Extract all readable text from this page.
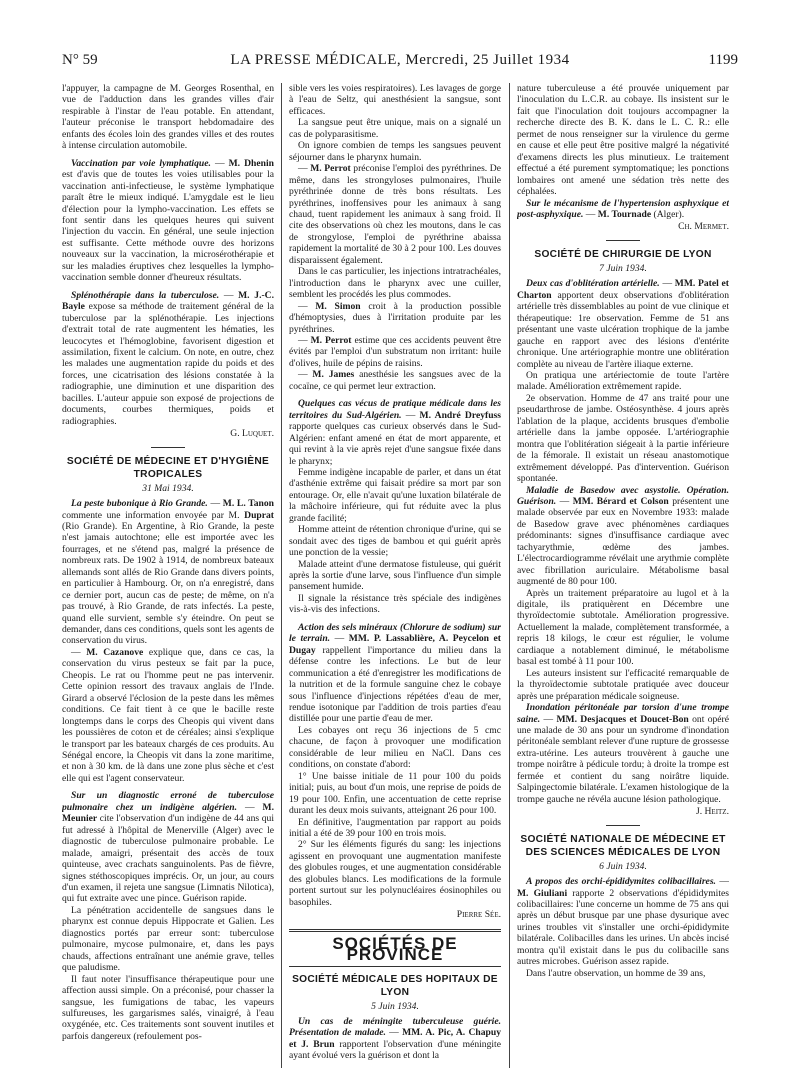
N° 59	LA PRESSE MÉDICALE, Mercredi, 25 Juillet 1934	1199

l'appuyer, la campagne de M. Georges Rosenthal, en vue de l'adduction dans les grandes villes d'air respirable à l'instar de l'eau potable. En attendant, l'auteur préconise le transport hebdomadaire des enfants des écoles loin des grandes villes et des routes à intense circulation automobile.

Vaccination par voie lymphatique. — M. Dhenin est d'avis que de toutes les voies utilisables pour la vaccination anti-infectieuse, le système lymphatique paraît être le mieux indiqué. L'amygdale est le lieu d'élection pour la lympho-vaccination. Les effets se font sentir dans les quelques heures qui suivent l'injection du vaccin. En général, une seule injection est suffisante. Cette méthode ouvre des horizons nouveaux sur la vaccination, la microsérothérapie et sur les maladies éruptives chez lesquelles la lympho-vaccination semble donner d'heureux résultats.

Splénothérapie dans la tuberculose. — M. J.-C. Bayle expose sa méthode de traitement général de la tuberculose par la splénothérapie. Les injections d'extrait total de rate augmentent les hématies, les leucocytes et l'hémoglobine, favorisent digestion et assimilation, fixent le calcium. On note, en outre, chez les malades une augmentation rapide du poids et des forces, une cicatrisation des lésions constatée à la radiographie, une diminution et une disparition des bacilles. L'auteur appuie son exposé de projections de documents, courbes thermiques, poids et radiographies.

G. Luquet.

SOCIÉTÉ DE MÉDECINE ET D'HYGIÈNE TROPICALES
31 Mai 1934.

La peste bubonique à Rio Grande. — M. L. Tanon commente une information envoyée par M. Duprat (Rio Grande). En Argentine, à Rio Grande, la peste n'est jamais autochtone; elle est importée avec les fourrages, et ne s'étend pas, malgré la présence de nombreux rats. De 1902 à 1914, de nombreux bateaux allemands sont allés de Rio Grande dans divers points, en particulier à Hambourg. Or, on n'a enregistré, dans ce dernier port, aucun cas de peste; de même, on n'a pas trouvé, à Rio Grande, de rats infectés. La peste, quand elle survient, semble s'y éteindre. On peut se demander, dans ces conditions, quels sont les agents de conservation du virus.

— M. Cazanove explique que, dans ce cas, la conservation du virus pesteux se fait par la puce, Cheopis. Le rat ou l'homme peut ne pas intervenir. Cette opinion ressort des travaux anglais de l'Inde. Girard a observé l'éclosion de la peste dans les mêmes conditions. Ce fait tient à ce que le bacille reste longtemps dans le corps des Cheopis qui vivent dans les poussières de coton et de céréales; ainsi s'explique le transport par les bateaux chargés de ces produits. Au Sénégal encore, la Cheopis vit dans la zone maritime, et non à 30 km. de là dans une zone plus sèche et c'est elle qui est l'agent conservateur.

Sur un diagnostic erroné de tuberculose pulmonaire chez un indigène algérien. — M. Meunier cite l'observation d'un indigène de 44 ans qui fut adressé à l'hôpital de Menerville (Alger) avec le diagnostic de tuberculose pulmonaire probable. Le malade, amaigri, présentait des accès de toux quinteuse, avec crachats sanguinolents. Pas de fièvre, signes stéthoscopiques imprécis. Or, un jour, au cours d'un examen, il rejeta une sangsue (Limnatis Nilotica), qui fut extraite avec une pince. Guérison rapide.

La pénétration accidentelle de sangsues dans le pharynx est connue depuis Hippocrate et Galien. Les diagnostics portés par erreur sont: tuberculose pulmonaire, mycose pulmonaire, et, dans les pays chauds, affections entraînant une anémie grave, telles que paludisme.

Il faut noter l'insuffisance thérapeutique pour une affection aussi simple. On a préconisé, pour chasser la sangsue, les fumigations de tabac, les vapeurs sulfureuses, les gargarismes salés, vinaigré, à l'eau oxygénée, etc. Ces traitements sont souvent inutiles et parfois dangereux (refoulement pos-

sible vers les voies respiratoires). Les lavages de gorge à l'eau de Seltz, qui anesthésient la sangsue, sont efficaces.

La sangsue peut être unique, mais on a signalé un cas de polyparasitisme.

On ignore combien de temps les sangsues peuvent séjourner dans le pharynx humain.

— M. Perrot préconise l'emploi des pyréthrines. De même, dans les strongyloses pulmonaires, l'huile pyréthrinée donne de très bons résultats. Les pyréthrines, inoffensives pour les animaux à sang chaud, tuent rapidement les animaux à sang froid. Il cite des observations où chez les moutons, dans le cas de strongylose, l'emploi de pyréthrine abaissa rapidement la mortalité de 30 à 2 pour 100. Les douves disparaissent également.

Dans le cas particulier, les injections intratrachéales, l'introduction dans le pharynx avec une cuiller, semblent les procédés les plus commodes.

— M. Simon croit à la production possible d'hémoptysies, dues à l'irritation produite par les pyréthrines.

— M. Perrot estime que ces accidents peuvent être évités par l'emploi d'un substratum non irritant: huile d'olives, huile de pépins de raisins.

— M. James anesthésie les sangsues avec de la cocaïne, ce qui permet leur extraction.

Quelques cas vécus de pratique médicale dans les territoires du Sud-Algérien. — M. André Dreyfuss rapporte quelques cas curieux observés dans le Sud-Algérien: enfant amené en état de mort apparente, et qui revint à la vie après rejet d'une sangsue fixée dans le pharynx;

Femme indigène incapable de parler, et dans un état d'asthénie extrême qui faisait prédire sa mort par son entourage. Or, elle n'avait qu'une luxation bilatérale de la mâchoire inférieure, qui fut réduite avec la plus grande facilité;

Homme atteint de rétention chronique d'urine, qui se sondait avec des tiges de bambou et qui guérit après une ponction de la vessie;

Malade atteint d'une dermatose fistuleuse, qui guérit après la sortie d'une larve, sous l'influence d'un simple pansement humide.

Il signale la résistance très spéciale des indigènes vis-à-vis des infections.

Action des sels minéraux (Chlorure de sodium) sur le terrain. — MM. P. Lassablière, A. Peycelon et Dugay rappellent l'importance du milieu dans la défense contre les infections. Le but de leur communication a été d'enregistrer les modifications de la nutrition et de la formule sanguine chez le cobaye sous l'influence d'injections répétées d'eau de mer, rendue isotonique par l'addition de trois parties d'eau distillée pour une partie d'eau de mer.

Les cobayes ont reçu 36 injections de 5 cmc chacune, de façon à provoquer une modification considérable de leur milieu en NaCl. Dans ces conditions, on constate d'abord:

1° Une baisse initiale de 11 pour 100 du poids initial; puis, au bout d'un mois, une reprise de poids de 19 pour 100. Enfin, une accentuation de cette reprise durant les deux mois suivants, atteignant 26 pour 100.

En définitive, l'augmentation par rapport au poids initial a été de 39 pour 100 en trois mois.

2° Sur les éléments figurés du sang: les injections agissent en provoquant une augmentation manifeste des globules rouges, et une augmentation considérable des globules blancs. Les modifications de la formule portent surtout sur les polynucléaires éosinophiles ou basophiles.

Pierre Sée.

SOCIÉTÉS DE PROVINCE
SOCIÉTÉ MÉDICALE DES HOPITAUX DE LYON
5 Juin 1934.

Un cas de méningite tuberculeuse guérie. Présentation de malade. — MM. A. Pic, A. Chapuy et J. Brun rapportent l'observation d'une méningite ayant évolué vers la guérison et dont la

nature tuberculeuse a été prouvée uniquement par l'inoculation du L.C.R. au cobaye. Ils insistent sur le fait que l'inoculation doit toujours accompagner la recherche directe des B. K. dans le L. C. R.: elle permet de nous renseigner sur la virulence du germe en cause et elle peut être positive malgré la négativité d'examens directs les plus minutieux. Le traitement effectué a été purement symptomatique; les ponctions lombaires ont amené une sédation très nette des céphalées.

Sur le mécanisme de l'hypertension asphyxique et post-asphyxique. — M. Tournade (Alger).

Ch. Mermet.

SOCIÉTÉ DE CHIRURGIE DE LYON
7 Juin 1934.

Deux cas d'oblitération artérielle. — MM. Patel et Charton apportent deux observations d'oblitération artérielle très dissemblables au point de vue clinique et thérapeutique: 1re observation. Femme de 51 ans présentant une vaste ulcération trophique de la jambe gauche en rapport avec des lésions d'entérite chronique. Une artériographie montre une oblitération complète au niveau de l'artère iliaque externe.

On pratiqua une artériectomie de toute l'artère malade. Amélioration extrêmement rapide.

2e observation. Homme de 47 ans traité pour une pseudarthrose de jambe. Ostéosynthèse. 4 jours après l'ablation de la plaque, accidents brusques d'embolie artérielle dans la jambe opposée. L'artériographie montra que l'oblitération siégeait à la partie inférieure de la fémorale. Il existait un réseau anastomotique extrêmement développé. Pas d'intervention. Guérison spontanée.

Maladie de Basedow avec asystolie. Opération. Guérison. — MM. Bérard et Colson présentent une malade observée par eux en Novembre 1933: malade de Basedow grave avec phénomènes cardiaques prédominants: signes d'insuffisance cardiaque avec tachyarythmie, œdème des jambes. L'électrocardiogramme révélait une arythmie complète avec fibrillation auriculaire. Métabolisme basal augmenté de 80 pour 100.

Après un traitement préparatoire au lugol et à la digitale, ils pratiquèrent en Décembre une thyroïdectomie subtotale. Amélioration progressive. Actuellement la malade, complètement transformée, a repris 18 kilogs, le cœur est régulier, le volume cardiaque a notablement diminué, le métabolisme basal est tombé à 11 pour 100.

Les auteurs insistent sur l'efficacité remarquable de la thyroïdectomie subtotale pratiquée avec douceur après une préparation médicale soigneuse.

Inondation péritonéale par torsion d'une trompe saine. — MM. Desjacques et Doucet-Bon ont opéré une malade de 30 ans pour un syndrome d'inondation péritonéale semblant relever d'une rupture de grossesse extra-utérine. Les auteurs trouvèrent à gauche une trompe noirâtre à pédicule tordu; à droite la trompe est fermée et contient du sang noirâtre liquide. Salpingectomie bilatérale. L'examen histologique de la trompe gauche ne révéla aucune lésion pathologique.

J. Heitz.

SOCIÉTÉ NATIONALE DE MÉDECINE ET DES SCIENCES MÉDICALES DE LYON
6 Juin 1934.

A propos des orchi-épididymites colibacillaires. — M. Giuliani rapporte 2 observations d'épididymites colibacillaires: l'une concerne un homme de 75 ans qui après un début brusque par une phase dysurique avec urines troubles vit s'installer une orchi-épididymite bilatérale. Colibacilles dans les urines. Un abcès incisé montra qu'il existait dans le pus du colibacille sans autres microbes. Guérison assez rapide.

Dans l'autre observation, un homme de 39 ans,
